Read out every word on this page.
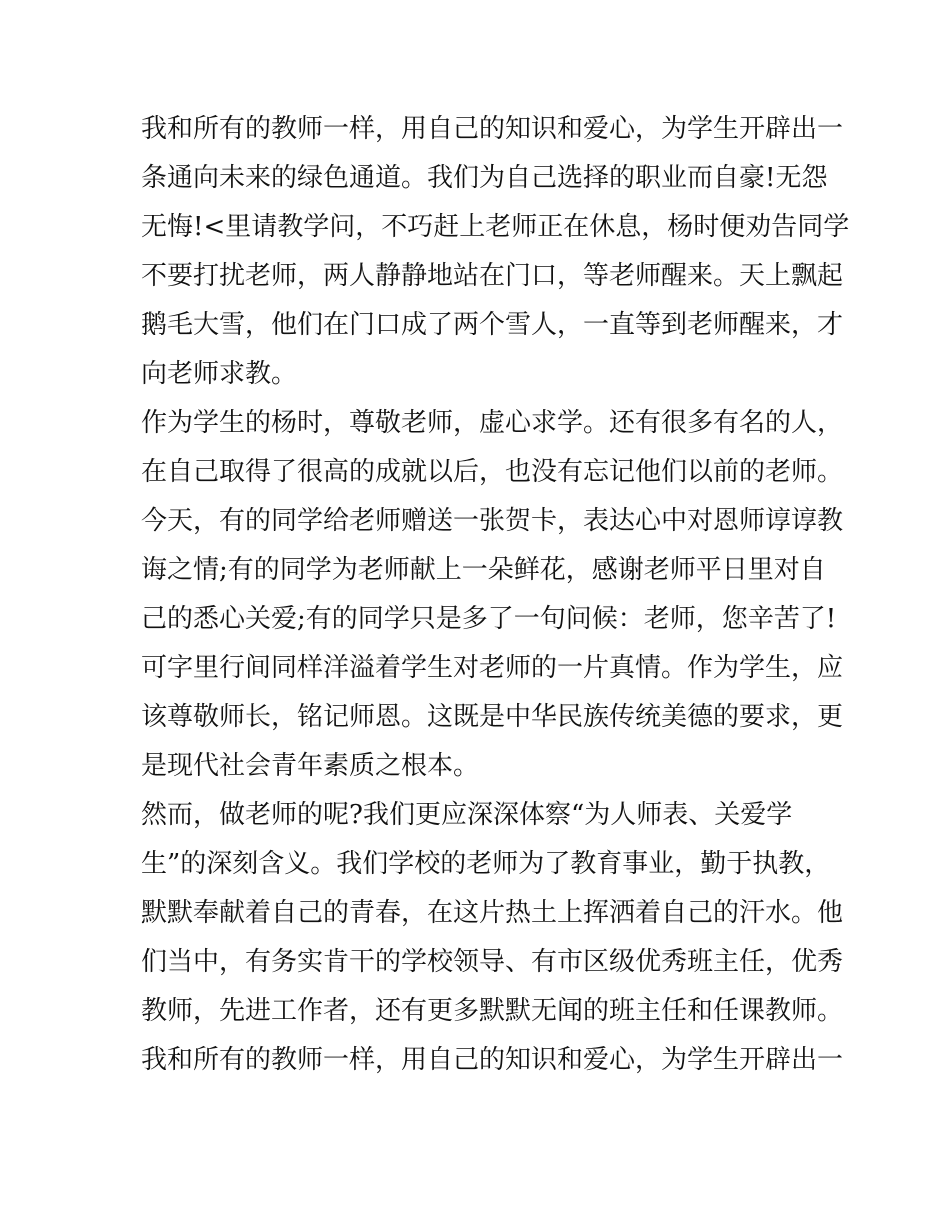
我和所有的教师一样，用自己的知识和爱心，为学生开辟出一
条通向未来的绿色通道。我们为自己选择的职业而自豪!无怨
无悔!<里请教学问，不巧赶上老师正在休息，杨时便劝告同学
不要打扰老师，两人静静地站在门口，等老师醒来。天上飘起
鹅毛大雪，他们在门口成了两个雪人，一直等到老师醒来，才
向老师求教。
作为学生的杨时，尊敬老师，虚心求学。还有很多有名的人，
在自己取得了很高的成就以后，也没有忘记他们以前的老师。
今天，有的同学给老师赠送一张贺卡，表达心中对恩师谆谆教
诲之情;有的同学为老师献上一朵鲜花，感谢老师平日里对自
己的悉心关爱;有的同学只是多了一句问候：老师，您辛苦了!
可字里行间同样洋溢着学生对老师的一片真情。作为学生，应
该尊敬师长，铭记师恩。这既是中华民族传统美德的要求，更
是现代社会青年素质之根本。
然而，做老师的呢?我们更应深深体察“为人师表、关爱学
生”的深刻含义。我们学校的老师为了教育事业，勤于执教，
默默奉献着自己的青春，在这片热土上挥洒着自己的汗水。他
们当中，有务实肯干的学校领导、有市区级优秀班主任，优秀
教师，先进工作者，还有更多默默无闻的班主任和任课教师。
我和所有的教师一样，用自己的知识和爱心，为学生开辟出一
